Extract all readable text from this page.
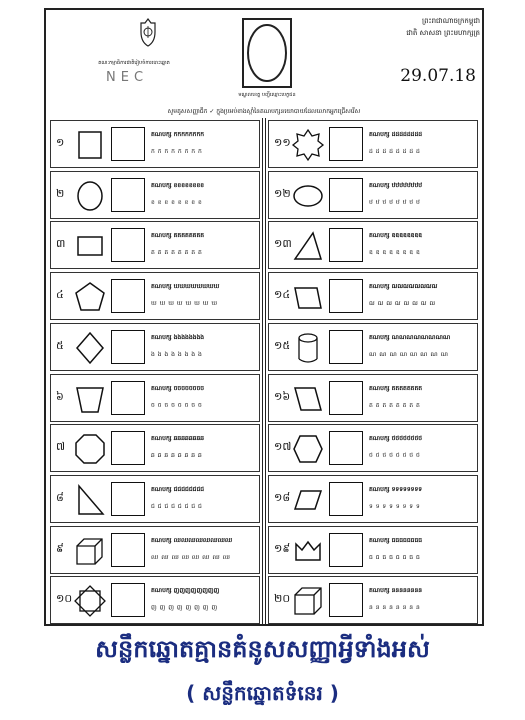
គណៈកម្មាធិការជាតិរៀបចំការបោះឆ្នោត
NEC
មណ្ឌលខេត្ត បញ្ជីឈ្មោះបេក្ខជន
ព្រះរាជាណាចក្រកម្ពុជា
ជាតិ សាសនា ព្រះមហាក្សត្រ
29.07.18
សូមគូសសញ្ញាធីក ✓ ក្នុងប្រអប់ខាងស្តាំនៃគណបក្សនយោបាយដែលលោកអ្នកជ្រើសរើស
១
គណបក្ស កកកកកកកក
ក ក ក ក ក ក ក ក
២
គណបក្ស ខខខខខខខខ
ខ ខ ខ ខ ខ ខ ខ ខ
៣
គណបក្ស គគគគគគគគ
គ គ គ គ គ គ គ គ
៤
គណបក្ស ឃឃឃឃឃឃឃឃ
ឃ ឃ ឃ ឃ ឃ ឃ ឃ ឃ
៥
គណបក្ស ងងងងងងងង
ង ង ង ង ង ង ង ង
៦
គណបក្ស ចចចចចចចច
ច ច ច ច ច ច ច ច
៧
គណបក្ស ឆឆឆឆឆឆឆឆ
ឆ ឆ ឆ ឆ ឆ ឆ ឆ ឆ
៨
គណបក្ស ជជជជជជជជ
ជ ជ ជ ជ ជ ជ ជ ជ
៩
គណបក្ស ឈឈឈឈឈឈឈឈ
ឈ ឈ ឈ ឈ ឈ ឈ ឈ ឈ
១០
គណបក្ស ញញញញញញញញ
ញ ញ ញ ញ ញ ញ ញ ញ
១១
គណបក្ស ដដដដដដដដ
ដ ដ ដ ដ ដ ដ ដ ដ
១២
គណបក្ស ឋឋឋឋឋឋឋឋ
ឋ ឋ ឋ ឋ ឋ ឋ ឋ ឋ
១៣
គណបក្ស ឌឌឌឌឌឌឌឌ
ឌ ឌ ឌ ឌ ឌ ឌ ឌ ឌ
១៤
គណបក្ស ឍឍឍឍឍឍឍឍ
ឍ ឍ ឍ ឍ ឍ ឍ ឍ ឍ
១៥
គណបក្ស ណណណណណណណណ
ណ ណ ណ ណ ណ ណ ណ ណ
១៦
គណបក្ស តតតតតតតត
ត ត ត ត ត ត ត ត
១៧
គណបក្ស ថថថថថថថថ
ថ ថ ថ ថ ថ ថ ថ ថ
១៨
គណបក្ស ទទទទទទទទ
ទ ទ ទ ទ ទ ទ ទ ទ
១៩
គណបក្ស ធធធធធធធធ
ធ ធ ធ ធ ធ ធ ធ ធ
២០
គណបក្ស នននននននន
ន ន ន ន ន ន ន ន
សន្លឹកឆ្នោតគ្មានគំនូសសញ្ញាអ្វីទាំងអស់
( សន្លឹកឆ្នោតទំនេរ )
